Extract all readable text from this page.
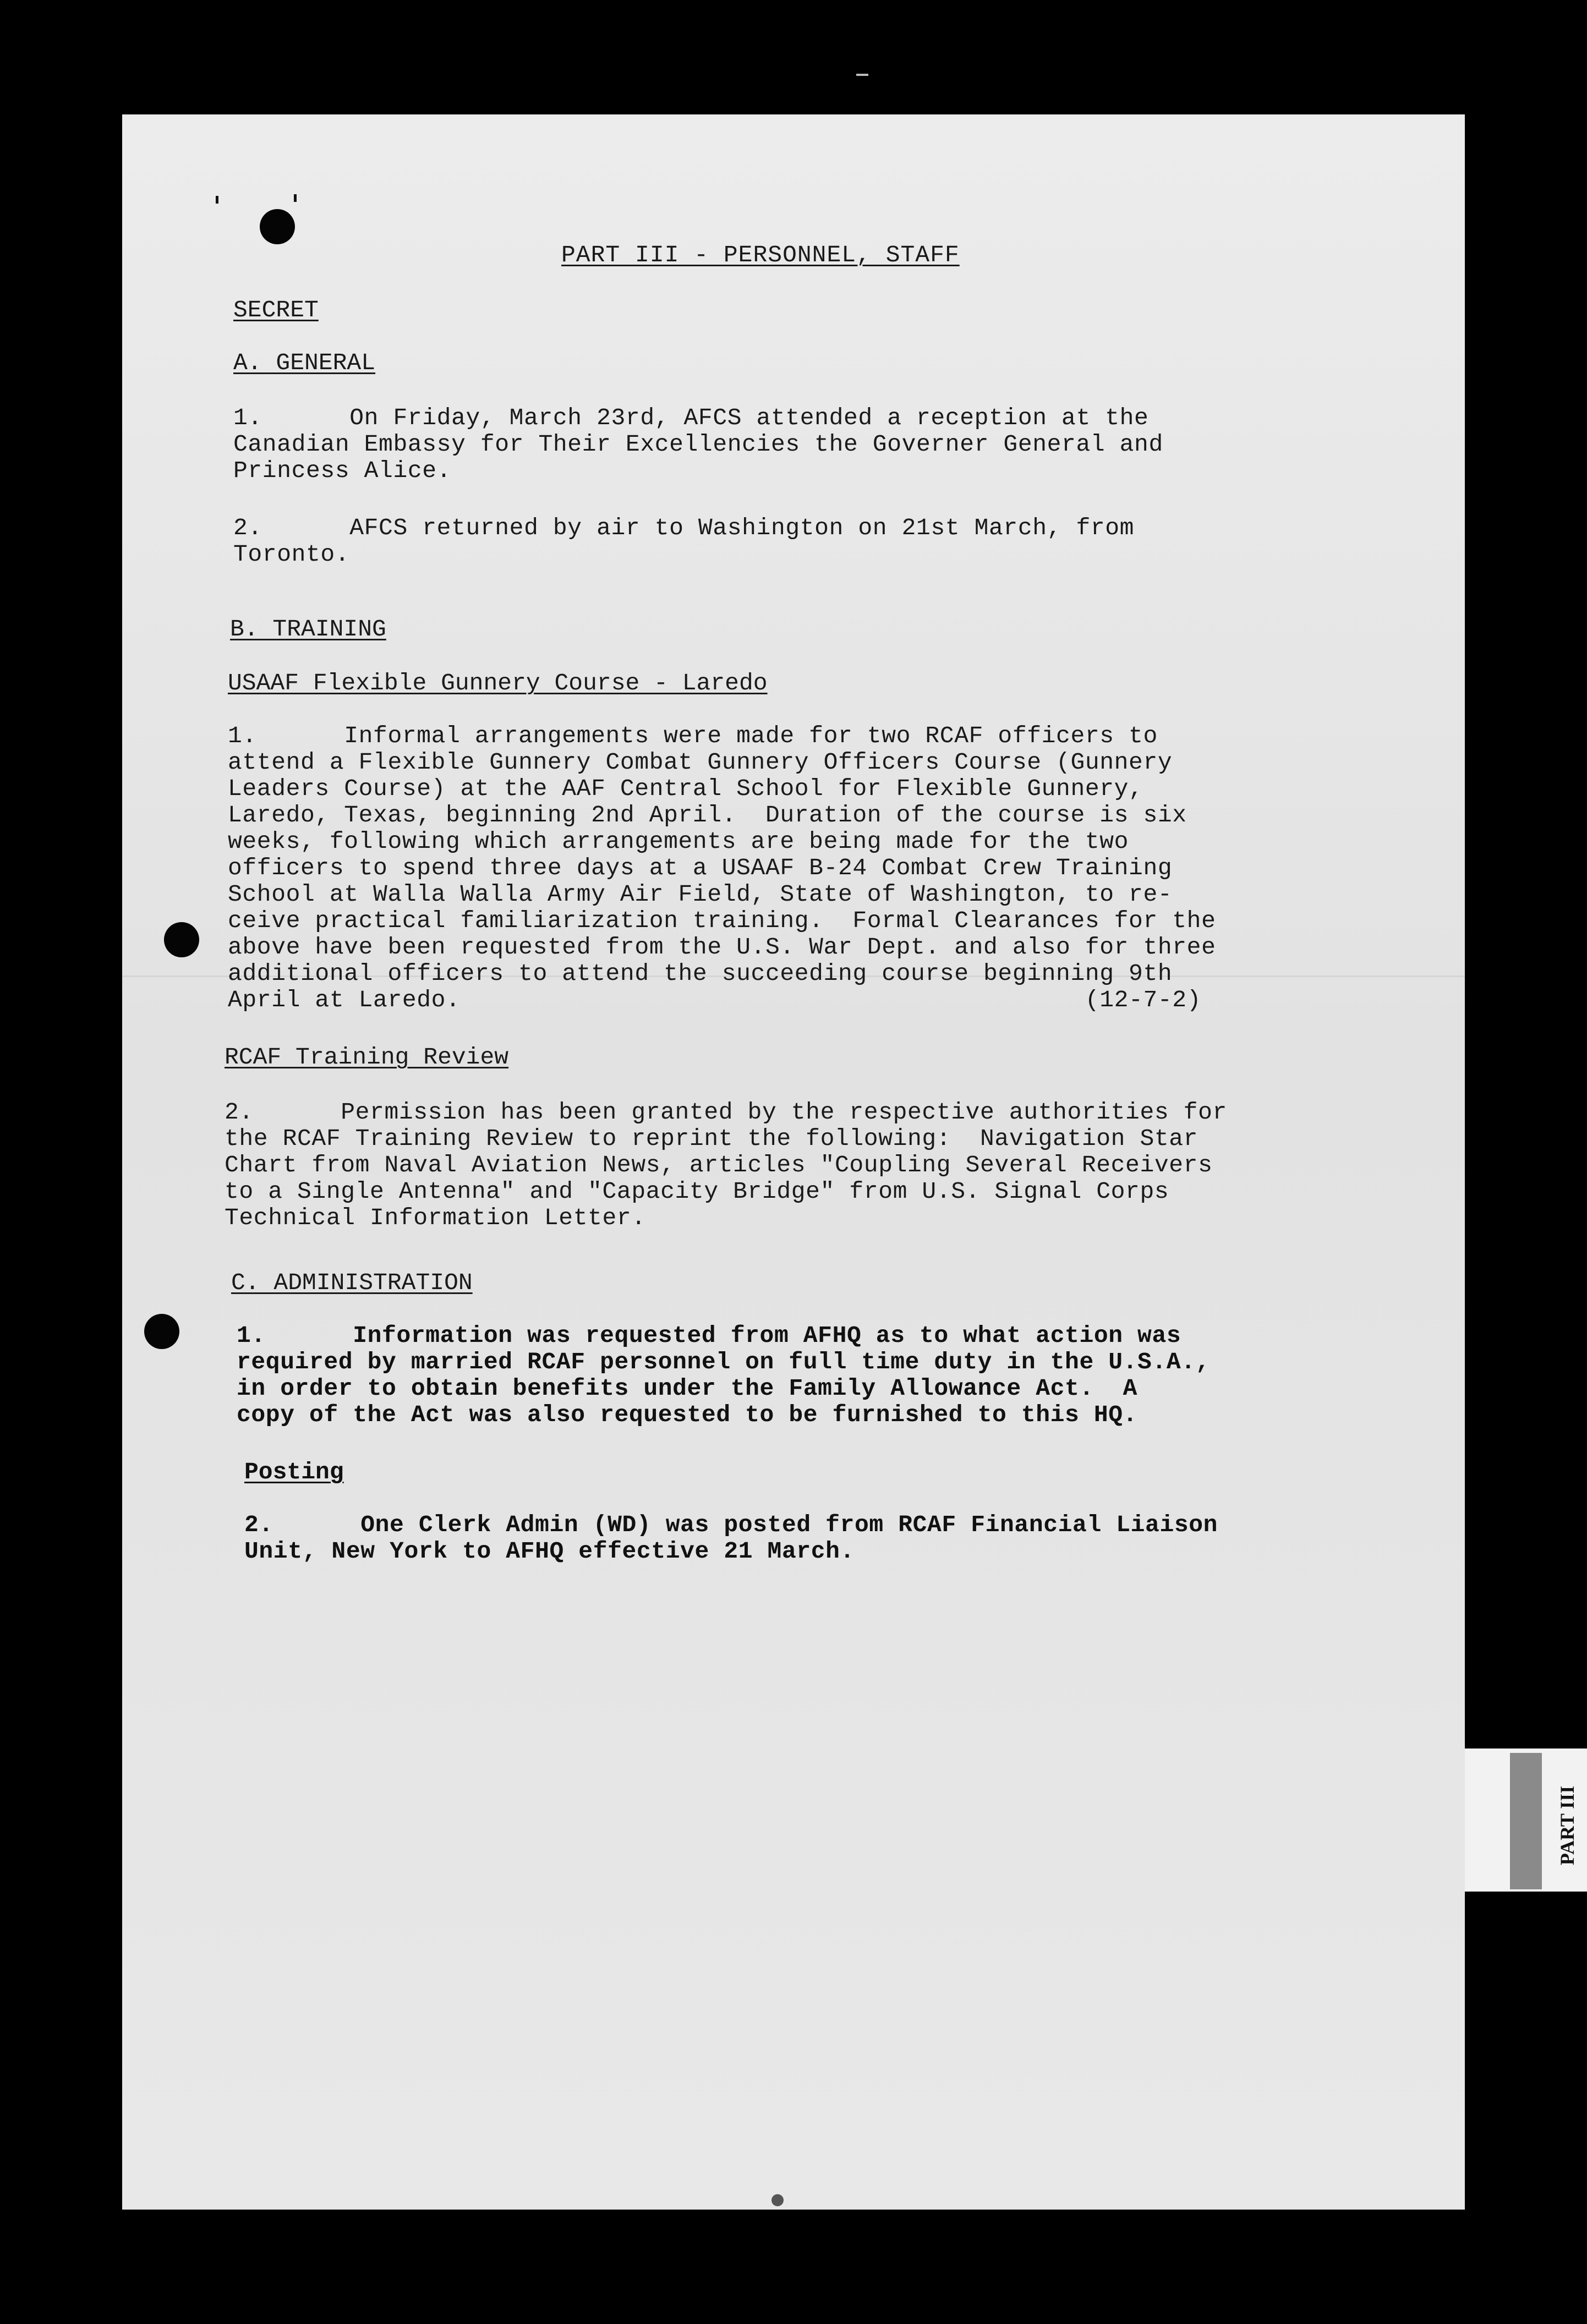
PART III - PERSONNEL, STAFF

SECRET

A. GENERAL

1.      On Friday, March 23rd, AFCS attended a reception at the
Canadian Embassy for Their Excellencies the Governer General and
Princess Alice.

2.      AFCS returned by air to Washington on 21st March, from
Toronto.

B. TRAINING

USAAF Flexible Gunnery Course - Laredo

1.      Informal arrangements were made for two RCAF officers to
attend a Flexible Gunnery Combat Gunnery Officers Course (Gunnery
Leaders Course) at the AAF Central School for Flexible Gunnery,
Laredo, Texas, beginning 2nd April.  Duration of the course is six
weeks, following which arrangements are being made for the two
officers to spend three days at a USAAF B-24 Combat Crew Training
School at Walla Walla Army Air Field, State of Washington, to re-
ceive practical familiarization training.  Formal Clearances for the
above have been requested from the U.S. War Dept. and also for three
additional officers to attend the succeeding course beginning 9th
April at Laredo.                                           (12-7-2)

RCAF Training Review

2.      Permission has been granted by the respective authorities for
the RCAF Training Review to reprint the following:  Navigation Star
Chart from Naval Aviation News, articles "Coupling Several Receivers
to a Single Antenna" and "Capacity Bridge" from U.S. Signal Corps
Technical Information Letter.

C. ADMINISTRATION

1.      Information was requested from AFHQ as to what action was
required by married RCAF personnel on full time duty in the U.S.A.,
in order to obtain benefits under the Family Allowance Act.  A
copy of the Act was also requested to be furnished to this HQ.

Posting

2.      One Clerk Admin (WD) was posted from RCAF Financial Liaison
Unit, New York to AFHQ effective 21 March.

PART III
